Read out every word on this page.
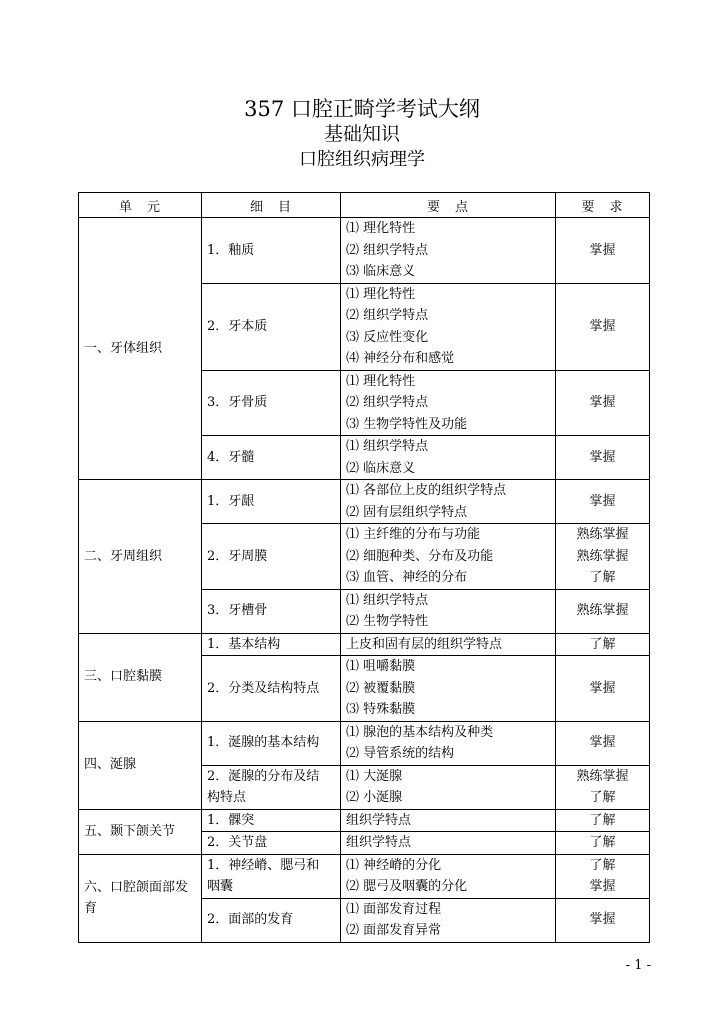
357 口腔正畸学考试大纲
基础知识
口腔组织病理学
单　元	细　目	要　点	要　求

一、牙体组织	1．釉质	⑴ 理化特性
⑵ 组织学特点
⑶ 临床意义	掌握

	2．牙本质	⑴ 理化特性
⑵ 组织学特点
⑶ 反应性变化
⑷ 神经分布和感觉	掌握

	3．牙骨质	⑴ 理化特性
⑵ 组织学特点
⑶ 生物学特性及功能	掌握

	4．牙髓	⑴ 组织学特点
⑵ 临床意义	掌握

二、牙周组织	1．牙龈	⑴ 各部位上皮的组织学特点
⑵ 固有层组织学特点	掌握

	2．牙周膜	⑴ 主纤维的分布与功能
⑵ 细胞种类、分布及功能
⑶ 血管、神经的分布	熟练掌握
熟练掌握
了解

	3．牙槽骨	⑴ 组织学特点
⑵ 生物学特性	熟练掌握

三、口腔黏膜	1．基本结构	上皮和固有层的组织学特点	了解

	2．分类及结构特点	⑴ 咀嚼黏膜
⑵ 被覆黏膜
⑶ 特殊黏膜	掌握

四、涎腺	1．涎腺的基本结构	⑴ 腺泡的基本结构及种类
⑵ 导管系统的结构	掌握

	2．涎腺的分布及结
构特点	⑴ 大涎腺
⑵ 小涎腺	熟练掌握
了解

五、颞下颌关节	1．髁突	组织学特点	了解

	2．关节盘	组织学特点	了解

六、口腔颌面部发
育	1．神经嵴、腮弓和
咽囊	⑴ 神经嵴的分化
⑵ 腮弓及咽囊的分化	了解
掌握

	2．面部的发育	⑴ 面部发育过程
⑵ 面部发育异常	掌握
- 1 -
